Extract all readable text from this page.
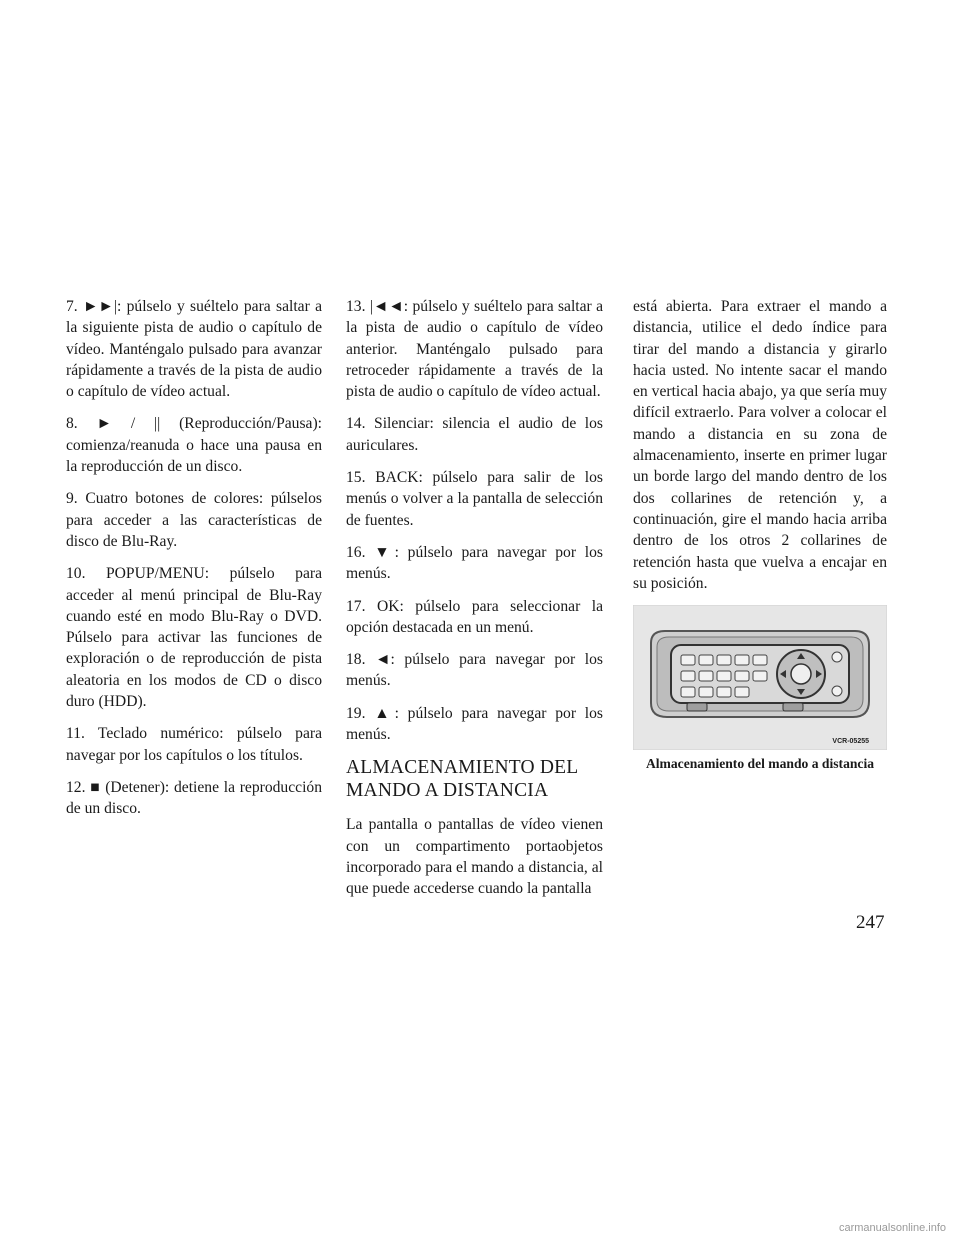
7. ►►|: púlselo y suéltelo para saltar a la siguiente pista de audio o capítulo de vídeo. Manténgalo pulsado para avanzar rápidamente a través de la pista de audio o capítulo de vídeo actual.

8. ► / || (Reproducción/Pausa): comienza/reanuda o hace una pausa en la reproducción de un disco.

9. Cuatro botones de colores: púlselos para acceder a las características de disco de Blu-Ray.

10. POPUP/MENU: púlselo para acceder al menú principal de Blu-Ray cuando esté en modo Blu-Ray o DVD. Púlselo para activar las funciones de exploración o de reproducción de pista aleatoria en los modos de CD o disco duro (HDD).

11. Teclado numérico: púlselo para navegar por los capítulos o los títulos.

12. ■ (Detener): detiene la reproducción de un disco.

13. |◄◄: púlselo y suéltelo para saltar a la pista de audio o capítulo de vídeo anterior. Manténgalo pulsado para retroceder rápidamente a través de la pista de audio o capítulo de vídeo actual.

14. Silenciar: silencia el audio de los auriculares.

15. BACK: púlselo para salir de los menús o volver a la pantalla de selección de fuentes.

16. ▼: púlselo para navegar por los menús.

17. OK: púlselo para seleccionar la opción destacada en un menú.

18. ◄: púlselo para navegar por los menús.

19. ▲: púlselo para navegar por los menús.

ALMACENAMIENTO DEL MANDO A DISTANCIA

La pantalla o pantallas de vídeo vienen con un compartimento portaobjetos incorporado para el mando a distancia, al que puede accederse cuando la pantalla

está abierta. Para extraer el mando a distancia, utilice el dedo índice para tirar del mando a distancia y girarlo hacia usted. No intente sacar el mando en vertical hacia abajo, ya que sería muy difícil extraerlo. Para volver a colocar el mando a distancia en su zona de almacenamiento, inserte en primer lugar un borde largo del mando dentro de los dos collarines de retención y, a continuación, gire el mando hacia arriba dentro de los otros 2 collarines de retención hasta que vuelva a encajar en su posición.

VCR-05255
Almacenamiento del mando a distancia
247
carmanualsonline.info
